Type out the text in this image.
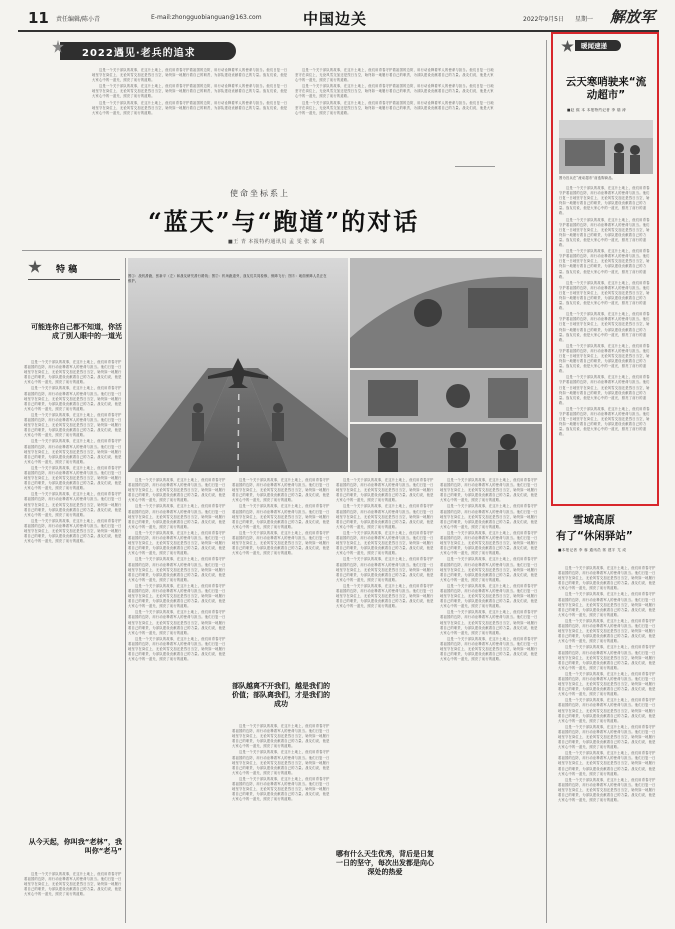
11 责任编辑/陈小青	E-mail:zhongguobianguan@163.com	中国边关	2022年9月5日 星期一 解放军
2022遇见·老兵的追求

这是一个关于部队的故事，在这片土地上，他们用青春守护着祖国的边防，用行动诠释着军人的使命与担当。他们日复一日地坚守在岗位上，无论风雪交加还是烈日当空，始终如一地履行着自己的职责，为部队建设贡献着自己的力量。战友们说，他是大家心中的一道光，照亮了前行的道路。

这是一个关于部队的故事，在这片土地上，他们用青春守护着祖国的边防，用行动诠释着军人的使命与担当。他们日复一日地坚守在岗位上，无论风雪交加还是烈日当空，始终如一地履行着自己的职责，为部队建设贡献着自己的力量。战友们说，他是大家心中的一道光，照亮了前行的道路。

这是一个关于部队的故事，在这片土地上，他们用青春守护着祖国的边防，用行动诠释着军人的使命与担当。他们日复一日地坚守在岗位上，无论风雪交加还是烈日当空，始终如一地履行着自己的职责，为部队建设贡献着自己的力量。战友们说，他是大家心中的一道光，照亮了前行的道路。

这是一个关于部队的故事，在这片土地上，他们用青春守护着祖国的边防，用行动诠释着军人的使命与担当。他们日复一日地坚守在岗位上，无论风雪交加还是烈日当空，始终如一地履行着自己的职责，为部队建设贡献着自己的力量。战友们说，他是大家心中的一道光，照亮了前行的道路。

这是一个关于部队的故事，在这片土地上，他们用青春守护着祖国的边防，用行动诠释着军人的使命与担当。他们日复一日地坚守在岗位上，无论风雪交加还是烈日当空，始终如一地履行着自己的职责，为部队建设贡献着自己的力量。战友们说，他是大家心中的一道光，照亮了前行的道路。

这是一个关于部队的故事，在这片土地上，他们用青春守护着祖国的边防，用行动诠释着军人的使命与担当。他们日复一日地坚守在岗位上，无论风雪交加还是烈日当空，始终如一地履行着自己的职责，为部队建设贡献着自己的力量。战友们说，他是大家心中的一道光，照亮了前行的道路。

使命坐标系上
“蓝天”与“跑道”的对话
■王 青 本报特约通讯员 孟 雯 张 家 禹
特 稿
可能连你自己都不知道，你活成了别人眼中的一道光

这是一个关于部队的故事，在这片土地上，他们用青春守护着祖国的边防，用行动诠释着军人的使命与担当。他们日复一日地坚守在岗位上，无论风雪交加还是烈日当空，始终如一地履行着自己的职责，为部队建设贡献着自己的力量。战友们说，他是大家心中的一道光，照亮了前行的道路。

这是一个关于部队的故事，在这片土地上，他们用青春守护着祖国的边防，用行动诠释着军人的使命与担当。他们日复一日地坚守在岗位上，无论风雪交加还是烈日当空，始终如一地履行着自己的职责，为部队建设贡献着自己的力量。战友们说，他是大家心中的一道光，照亮了前行的道路。

这是一个关于部队的故事，在这片土地上，他们用青春守护着祖国的边防，用行动诠释着军人的使命与担当。他们日复一日地坚守在岗位上，无论风雪交加还是烈日当空，始终如一地履行着自己的职责，为部队建设贡献着自己的力量。战友们说，他是大家心中的一道光，照亮了前行的道路。

这是一个关于部队的故事，在这片土地上，他们用青春守护着祖国的边防，用行动诠释着军人的使命与担当。他们日复一日地坚守在岗位上，无论风雪交加还是烈日当空，始终如一地履行着自己的职责，为部队建设贡献着自己的力量。战友们说，他是大家心中的一道光，照亮了前行的道路。

这是一个关于部队的故事，在这片土地上，他们用青春守护着祖国的边防，用行动诠释着军人的使命与担当。他们日复一日地坚守在岗位上，无论风雪交加还是烈日当空，始终如一地履行着自己的职责，为部队建设贡献着自己的力量。战友们说，他是大家心中的一道光，照亮了前行的道路。

这是一个关于部队的故事，在这片土地上，他们用青春守护着祖国的边防，用行动诠释着军人的使命与担当。他们日复一日地坚守在岗位上，无论风雪交加还是烈日当空，始终如一地履行着自己的职责，为部队建设贡献着自己的力量。战友们说，他是大家心中的一道光，照亮了前行的道路。

这是一个关于部队的故事，在这片土地上，他们用青春守护着祖国的边防，用行动诠释着军人的使命与担当。他们日复一日地坚守在岗位上，无论风雪交加还是烈日当空，始终如一地履行着自己的职责，为部队建设贡献着自己的力量。战友们说，他是大家心中的一道光，照亮了前行的道路。

从今天起，你叫我“老林”，我叫你“老马”

这是一个关于部队的故事，在这片土地上，他们用青春守护着祖国的边防，用行动诠释着军人的使命与担当。他们日复一日地坚守在岗位上，无论风雪交加还是烈日当空，始终如一地履行着自己的职责，为部队建设贡献着自己的力量。战友们说，他是大家心中的一道光，照亮了前行的道路。

图①：战机滑跑，张新平（左）和战友研究滑行路线；图②：机场跑道旁，战友们共同检修，保障飞行；图③：地面保障人员正在维护。

这是一个关于部队的故事，在这片土地上，他们用青春守护着祖国的边防，用行动诠释着军人的使命与担当。他们日复一日地坚守在岗位上，无论风雪交加还是烈日当空，始终如一地履行着自己的职责，为部队建设贡献着自己的力量。战友们说，他是大家心中的一道光，照亮了前行的道路。

这是一个关于部队的故事，在这片土地上，他们用青春守护着祖国的边防，用行动诠释着军人的使命与担当。他们日复一日地坚守在岗位上，无论风雪交加还是烈日当空，始终如一地履行着自己的职责，为部队建设贡献着自己的力量。战友们说，他是大家心中的一道光，照亮了前行的道路。

这是一个关于部队的故事，在这片土地上，他们用青春守护着祖国的边防，用行动诠释着军人的使命与担当。他们日复一日地坚守在岗位上，无论风雪交加还是烈日当空，始终如一地履行着自己的职责，为部队建设贡献着自己的力量。战友们说，他是大家心中的一道光，照亮了前行的道路。

这是一个关于部队的故事，在这片土地上，他们用青春守护着祖国的边防，用行动诠释着军人的使命与担当。他们日复一日地坚守在岗位上，无论风雪交加还是烈日当空，始终如一地履行着自己的职责，为部队建设贡献着自己的力量。战友们说，他是大家心中的一道光，照亮了前行的道路。

这是一个关于部队的故事，在这片土地上，他们用青春守护着祖国的边防，用行动诠释着军人的使命与担当。他们日复一日地坚守在岗位上，无论风雪交加还是烈日当空，始终如一地履行着自己的职责，为部队建设贡献着自己的力量。战友们说，他是大家心中的一道光，照亮了前行的道路。

这是一个关于部队的故事，在这片土地上，他们用青春守护着祖国的边防，用行动诠释着军人的使命与担当。他们日复一日地坚守在岗位上，无论风雪交加还是烈日当空，始终如一地履行着自己的职责，为部队建设贡献着自己的力量。战友们说，他是大家心中的一道光，照亮了前行的道路。

这是一个关于部队的故事，在这片土地上，他们用青春守护着祖国的边防，用行动诠释着军人的使命与担当。他们日复一日地坚守在岗位上，无论风雪交加还是烈日当空，始终如一地履行着自己的职责，为部队建设贡献着自己的力量。战友们说，他是大家心中的一道光，照亮了前行的道路。

这是一个关于部队的故事，在这片土地上，他们用青春守护着祖国的边防，用行动诠释着军人的使命与担当。他们日复一日地坚守在岗位上，无论风雪交加还是烈日当空，始终如一地履行着自己的职责，为部队建设贡献着自己的力量。战友们说，他是大家心中的一道光，照亮了前行的道路。

这是一个关于部队的故事，在这片土地上，他们用青春守护着祖国的边防，用行动诠释着军人的使命与担当。他们日复一日地坚守在岗位上，无论风雪交加还是烈日当空，始终如一地履行着自己的职责，为部队建设贡献着自己的力量。战友们说，他是大家心中的一道光，照亮了前行的道路。

这是一个关于部队的故事，在这片土地上，他们用青春守护着祖国的边防，用行动诠释着军人的使命与担当。他们日复一日地坚守在岗位上，无论风雪交加还是烈日当空，始终如一地履行着自己的职责，为部队建设贡献着自己的力量。战友们说，他是大家心中的一道光，照亮了前行的道路。

部队越离不开我们，越是我们的价值；部队离我们，才是我们的成功

这是一个关于部队的故事，在这片土地上，他们用青春守护着祖国的边防，用行动诠释着军人的使命与担当。他们日复一日地坚守在岗位上，无论风雪交加还是烈日当空，始终如一地履行着自己的职责，为部队建设贡献着自己的力量。战友们说，他是大家心中的一道光，照亮了前行的道路。

这是一个关于部队的故事，在这片土地上，他们用青春守护着祖国的边防，用行动诠释着军人的使命与担当。他们日复一日地坚守在岗位上，无论风雪交加还是烈日当空，始终如一地履行着自己的职责，为部队建设贡献着自己的力量。战友们说，他是大家心中的一道光，照亮了前行的道路。

这是一个关于部队的故事，在这片土地上，他们用青春守护着祖国的边防，用行动诠释着军人的使命与担当。他们日复一日地坚守在岗位上，无论风雪交加还是烈日当空，始终如一地履行着自己的职责，为部队建设贡献着自己的力量。战友们说，他是大家心中的一道光，照亮了前行的道路。

这是一个关于部队的故事，在这片土地上，他们用青春守护着祖国的边防，用行动诠释着军人的使命与担当。他们日复一日地坚守在岗位上，无论风雪交加还是烈日当空，始终如一地履行着自己的职责，为部队建设贡献着自己的力量。战友们说，他是大家心中的一道光，照亮了前行的道路。

这是一个关于部队的故事，在这片土地上，他们用青春守护着祖国的边防，用行动诠释着军人的使命与担当。他们日复一日地坚守在岗位上，无论风雪交加还是烈日当空，始终如一地履行着自己的职责，为部队建设贡献着自己的力量。战友们说，他是大家心中的一道光，照亮了前行的道路。

这是一个关于部队的故事，在这片土地上，他们用青春守护着祖国的边防，用行动诠释着军人的使命与担当。他们日复一日地坚守在岗位上，无论风雪交加还是烈日当空，始终如一地履行着自己的职责，为部队建设贡献着自己的力量。战友们说，他是大家心中的一道光，照亮了前行的道路。

这是一个关于部队的故事，在这片土地上，他们用青春守护着祖国的边防，用行动诠释着军人的使命与担当。他们日复一日地坚守在岗位上，无论风雪交加还是烈日当空，始终如一地履行着自己的职责，为部队建设贡献着自己的力量。战友们说，他是大家心中的一道光，照亮了前行的道路。

这是一个关于部队的故事，在这片土地上，他们用青春守护着祖国的边防，用行动诠释着军人的使命与担当。他们日复一日地坚守在岗位上，无论风雪交加还是烈日当空，始终如一地履行着自己的职责，为部队建设贡献着自己的力量。战友们说，他是大家心中的一道光，照亮了前行的道路。

哪有什么天生优秀，背后是日复一日的坚守，每次出发都是向心深处的热爱

这是一个关于部队的故事，在这片土地上，他们用青春守护着祖国的边防，用行动诠释着军人的使命与担当。他们日复一日地坚守在岗位上，无论风雪交加还是烈日当空，始终如一地履行着自己的职责，为部队建设贡献着自己的力量。战友们说，他是大家心中的一道光，照亮了前行的道路。

这是一个关于部队的故事，在这片土地上，他们用青春守护着祖国的边防，用行动诠释着军人的使命与担当。他们日复一日地坚守在岗位上，无论风雪交加还是烈日当空，始终如一地履行着自己的职责，为部队建设贡献着自己的力量。战友们说，他是大家心中的一道光，照亮了前行的道路。

这是一个关于部队的故事，在这片土地上，他们用青春守护着祖国的边防，用行动诠释着军人的使命与担当。他们日复一日地坚守在岗位上，无论风雪交加还是烈日当空，始终如一地履行着自己的职责，为部队建设贡献着自己的力量。战友们说，他是大家心中的一道光，照亮了前行的道路。

这是一个关于部队的故事，在这片土地上，他们用青春守护着祖国的边防，用行动诠释着军人的使命与担当。他们日复一日地坚守在岗位上，无论风雪交加还是烈日当空，始终如一地履行着自己的职责，为部队建设贡献着自己的力量。战友们说，他是大家心中的一道光，照亮了前行的道路。

这是一个关于部队的故事，在这片土地上，他们用青春守护着祖国的边防，用行动诠释着军人的使命与担当。他们日复一日地坚守在岗位上，无论风雪交加还是烈日当空，始终如一地履行着自己的职责，为部队建设贡献着自己的力量。战友们说，他是大家心中的一道光，照亮了前行的道路。

这是一个关于部队的故事，在这片土地上，他们用青春守护着祖国的边防，用行动诠释着军人的使命与担当。他们日复一日地坚守在岗位上，无论风雪交加还是烈日当空，始终如一地履行着自己的职责，为部队建设贡献着自己的力量。战友们说，他是大家心中的一道光，照亮了前行的道路。

这是一个关于部队的故事，在这片土地上，他们用青春守护着祖国的边防，用行动诠释着军人的使命与担当。他们日复一日地坚守在岗位上，无论风雪交加还是烈日当空，始终如一地履行着自己的职责，为部队建设贡献着自己的力量。战友们说，他是大家心中的一道光，照亮了前行的道路。

暖闻速递
云天寒哨驶来“流动超市”
■赵 熙 本 本报特约记者 李 瑞 涛
图为官兵在“流动超市”前选购商品。

这是一个关于部队的故事，在这片土地上，他们用青春守护着祖国的边防，用行动诠释着军人的使命与担当。他们日复一日地坚守在岗位上，无论风雪交加还是烈日当空，始终如一地履行着自己的职责，为部队建设贡献着自己的力量。战友们说，他是大家心中的一道光，照亮了前行的道路。

这是一个关于部队的故事，在这片土地上，他们用青春守护着祖国的边防，用行动诠释着军人的使命与担当。他们日复一日地坚守在岗位上，无论风雪交加还是烈日当空，始终如一地履行着自己的职责，为部队建设贡献着自己的力量。战友们说，他是大家心中的一道光，照亮了前行的道路。

这是一个关于部队的故事，在这片土地上，他们用青春守护着祖国的边防，用行动诠释着军人的使命与担当。他们日复一日地坚守在岗位上，无论风雪交加还是烈日当空，始终如一地履行着自己的职责，为部队建设贡献着自己的力量。战友们说，他是大家心中的一道光，照亮了前行的道路。

这是一个关于部队的故事，在这片土地上，他们用青春守护着祖国的边防，用行动诠释着军人的使命与担当。他们日复一日地坚守在岗位上，无论风雪交加还是烈日当空，始终如一地履行着自己的职责，为部队建设贡献着自己的力量。战友们说，他是大家心中的一道光，照亮了前行的道路。

这是一个关于部队的故事，在这片土地上，他们用青春守护着祖国的边防，用行动诠释着军人的使命与担当。他们日复一日地坚守在岗位上，无论风雪交加还是烈日当空，始终如一地履行着自己的职责，为部队建设贡献着自己的力量。战友们说，他是大家心中的一道光，照亮了前行的道路。

这是一个关于部队的故事，在这片土地上，他们用青春守护着祖国的边防，用行动诠释着军人的使命与担当。他们日复一日地坚守在岗位上，无论风雪交加还是烈日当空，始终如一地履行着自己的职责，为部队建设贡献着自己的力量。战友们说，他是大家心中的一道光，照亮了前行的道路。

这是一个关于部队的故事，在这片土地上，他们用青春守护着祖国的边防，用行动诠释着军人的使命与担当。他们日复一日地坚守在岗位上，无论风雪交加还是烈日当空，始终如一地履行着自己的职责，为部队建设贡献着自己的力量。战友们说，他是大家心中的一道光，照亮了前行的道路。

这是一个关于部队的故事，在这片土地上，他们用青春守护着祖国的边防，用行动诠释着军人的使命与担当。他们日复一日地坚守在岗位上，无论风雪交加还是烈日当空，始终如一地履行着自己的职责，为部队建设贡献着自己的力量。战友们说，他是大家心中的一道光，照亮了前行的道路。

雪域高原
有了“休闲驿站”
■本报记者 李 蓉 通讯员 郭 建宇 尤 成

这是一个关于部队的故事，在这片土地上，他们用青春守护着祖国的边防，用行动诠释着军人的使命与担当。他们日复一日地坚守在岗位上，无论风雪交加还是烈日当空，始终如一地履行着自己的职责，为部队建设贡献着自己的力量。战友们说，他是大家心中的一道光，照亮了前行的道路。

这是一个关于部队的故事，在这片土地上，他们用青春守护着祖国的边防，用行动诠释着军人的使命与担当。他们日复一日地坚守在岗位上，无论风雪交加还是烈日当空，始终如一地履行着自己的职责，为部队建设贡献着自己的力量。战友们说，他是大家心中的一道光，照亮了前行的道路。

这是一个关于部队的故事，在这片土地上，他们用青春守护着祖国的边防，用行动诠释着军人的使命与担当。他们日复一日地坚守在岗位上，无论风雪交加还是烈日当空，始终如一地履行着自己的职责，为部队建设贡献着自己的力量。战友们说，他是大家心中的一道光，照亮了前行的道路。

这是一个关于部队的故事，在这片土地上，他们用青春守护着祖国的边防，用行动诠释着军人的使命与担当。他们日复一日地坚守在岗位上，无论风雪交加还是烈日当空，始终如一地履行着自己的职责，为部队建设贡献着自己的力量。战友们说，他是大家心中的一道光，照亮了前行的道路。

这是一个关于部队的故事，在这片土地上，他们用青春守护着祖国的边防，用行动诠释着军人的使命与担当。他们日复一日地坚守在岗位上，无论风雪交加还是烈日当空，始终如一地履行着自己的职责，为部队建设贡献着自己的力量。战友们说，他是大家心中的一道光，照亮了前行的道路。

这是一个关于部队的故事，在这片土地上，他们用青春守护着祖国的边防，用行动诠释着军人的使命与担当。他们日复一日地坚守在岗位上，无论风雪交加还是烈日当空，始终如一地履行着自己的职责，为部队建设贡献着自己的力量。战友们说，他是大家心中的一道光，照亮了前行的道路。

这是一个关于部队的故事，在这片土地上，他们用青春守护着祖国的边防，用行动诠释着军人的使命与担当。他们日复一日地坚守在岗位上，无论风雪交加还是烈日当空，始终如一地履行着自己的职责，为部队建设贡献着自己的力量。战友们说，他是大家心中的一道光，照亮了前行的道路。

这是一个关于部队的故事，在这片土地上，他们用青春守护着祖国的边防，用行动诠释着军人的使命与担当。他们日复一日地坚守在岗位上，无论风雪交加还是烈日当空，始终如一地履行着自己的职责，为部队建设贡献着自己的力量。战友们说，他是大家心中的一道光，照亮了前行的道路。

这是一个关于部队的故事，在这片土地上，他们用青春守护着祖国的边防，用行动诠释着军人的使命与担当。他们日复一日地坚守在岗位上，无论风雪交加还是烈日当空，始终如一地履行着自己的职责，为部队建设贡献着自己的力量。战友们说，他是大家心中的一道光，照亮了前行的道路。
